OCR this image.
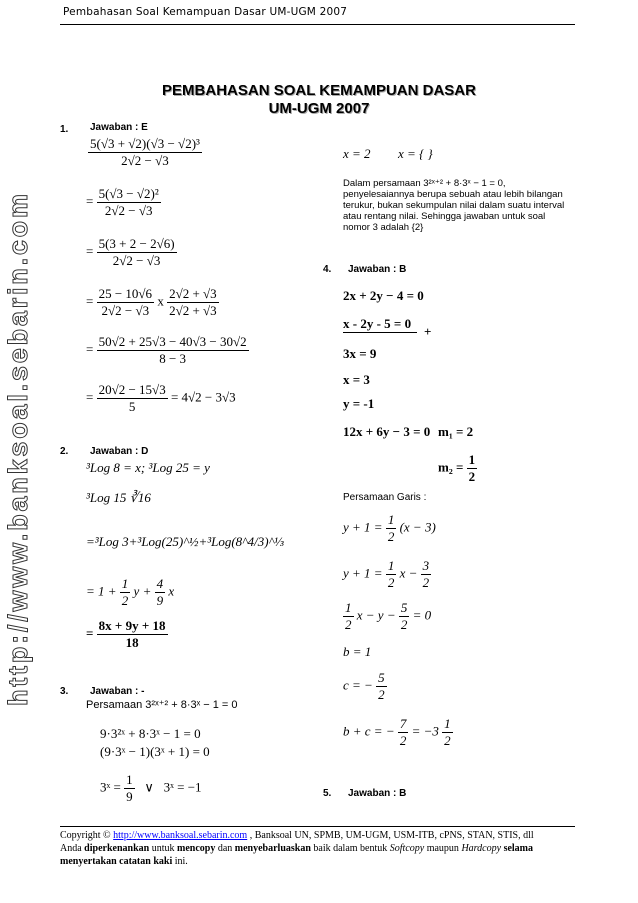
Pembahasan Soal Kemampuan Dasar UM-UGM 2007
PEMBAHASAN SOAL KEMAMPUAN DASAR
UM-UGM 2007
http://www.banksoal.sebarin.com
1. Jawaban : E
$\frac{\text{5(√3 + √2)(√3 − √2)³}}{2√2 - √3}$
= $\frac{\text{5(√3 − √2)²}}{2√2 - √3}$
= $\frac{5(3 + 2 - 2√6)}{2√2 - √3}$
= $\frac{25 - 10√6}{2√2 - √3}$ x $\frac{2√2 + √3}{2√2 + √3}$
= $\frac{50√2 + 25√3 - 40√3 - 30√2}{8 - 3}$
= $\frac{20√2 - 15√3}{5} = 4√2 - 3√3$
2. Jawaban : D
³Log 8 = x; ³Log 25 = y
³Log 15 ∛16
=³Log 3+³Log(25)^½+³Log(8^4/3)^⅓
= $1 + \frac{1}{2}$ $y + \frac{4}{9}$ x
= $\frac{8x + 9y + 18}{18}$
3. Jawaban : -
Persamaan 3²ˣ⁺² + 8·3ˣ − 1 = 0
9·3²ˣ + 8·3ˣ − 1 = 0
(9·3ˣ − 1)(3ˣ + 1) = 0
3ˣ = $\frac{1}{9}$ ∨ 3ˣ = −1
x = 2 x = { }
Dalam persamaan 3²ˣ⁺² + 8·3ˣ − 1 = 0, penyelesaiannya berupa sebuah atau lebih bilangan terukur, bukan sekumpulan nilai dalam suatu interval atau rentang nilai. Sehingga jawaban untuk soal nomor 3 adalah {2}
4. Jawaban : B
2x + 2y − 4 = 0
x - 2y - 5 = 0
+
3x = 9
x = 3
y = -1
12x + 6y − 3 = 0 m₁ = 2
$m_2 = \frac{1}{2}$
Persamaan Garis :
$y + 1 = \frac{1}{2} (x - 3)$
$y + 1 = \frac{1}{2}$ $x - \frac{3}{2}$
$\frac{1}{2}$ $x - y - \frac{5}{2} = 0$
b = 1
c = − $\frac{5}{2}$
b + c = − $\frac{7}{2} = -3 \frac{1}{2}$
5. Jawaban : B
Copyright © http://www.banksoal.sebarin.com , Banksoal UN, SPMB, UM-UGM, USM-ITB, cPNS, STAN, STIS, dll
Anda diperkenankan untuk mencopy dan menyebarluaskan baik dalam bentuk Softcopy maupun Hardcopy selama
menyertakan catatan kaki ini.
